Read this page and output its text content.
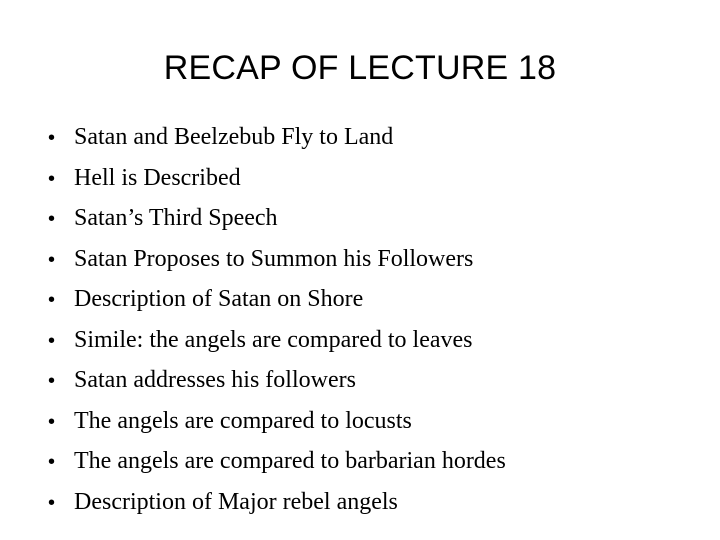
RECAP OF LECTURE 18
• Satan and Beelzebub Fly to Land
• Hell is Described
• Satan’s Third Speech
• Satan Proposes to Summon his Followers
• Description of Satan on Shore
• Simile: the angels are compared to leaves
• Satan addresses his followers
• The angels are compared to locusts
• The angels are compared to barbarian hordes
• Description of Major rebel angels
